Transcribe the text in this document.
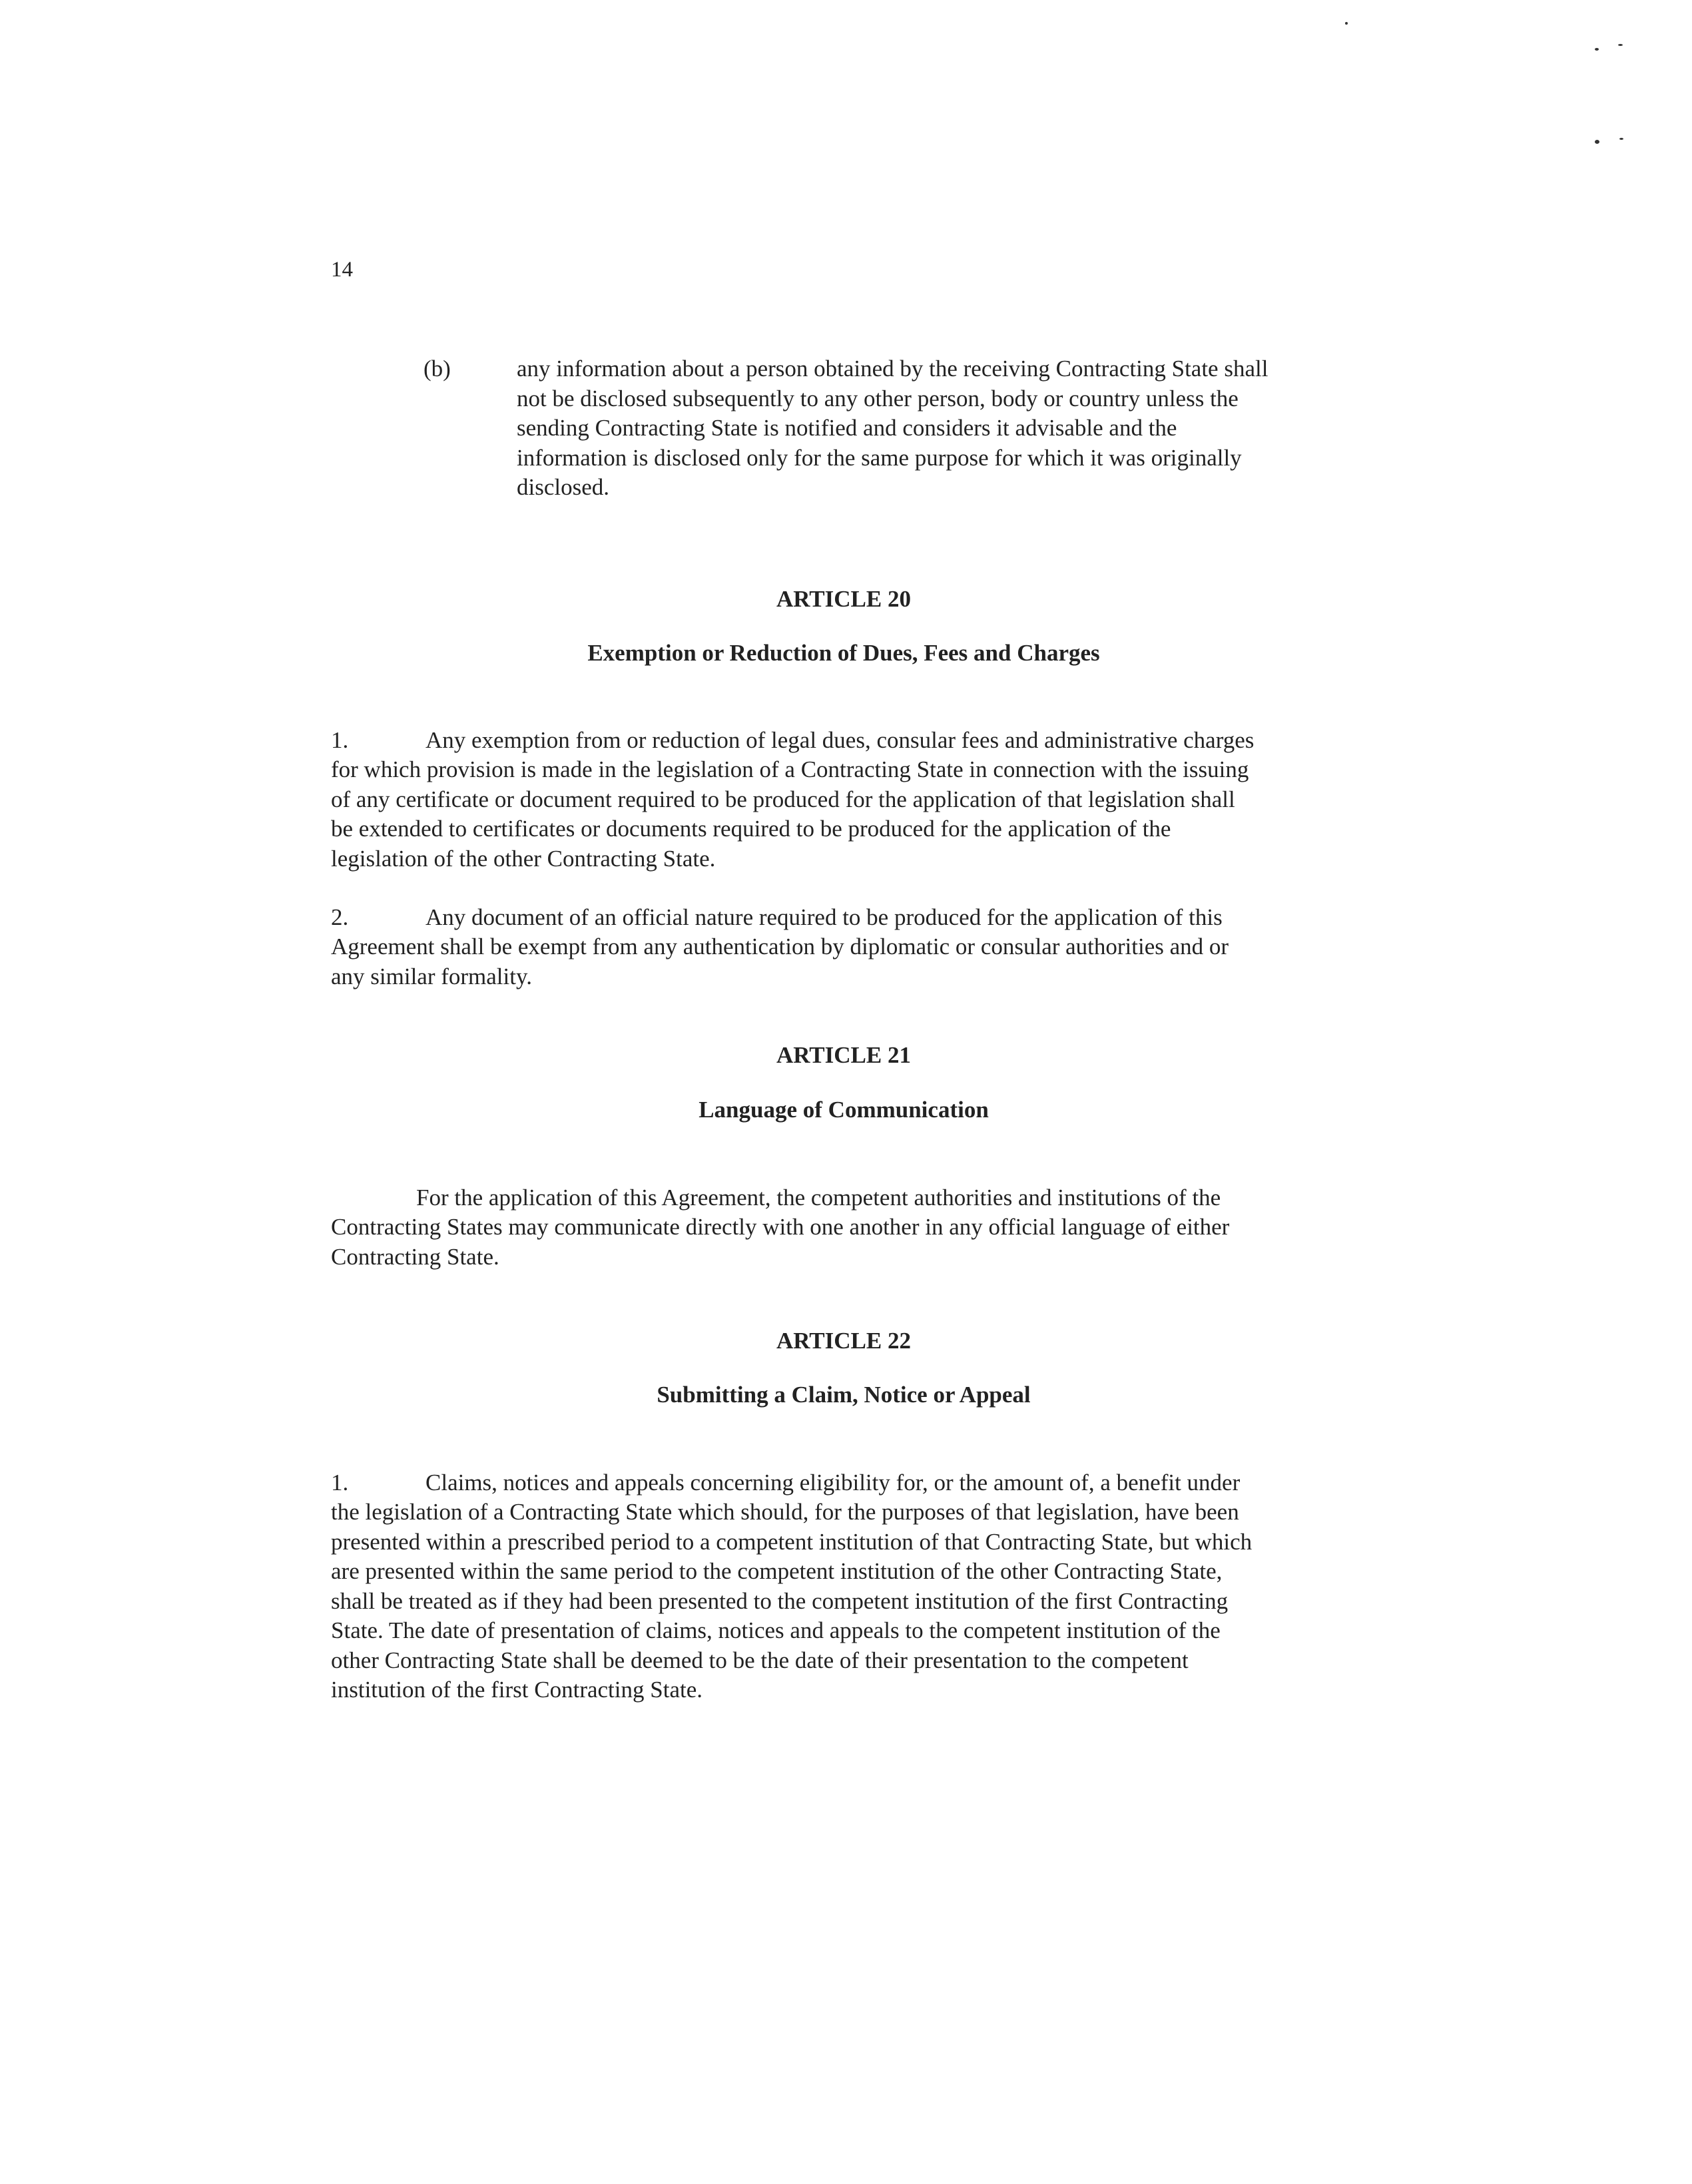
14
(b)	any information about a person obtained by the receiving Contracting State shall
not be disclosed subsequently to any other person, body or country unless the
sending Contracting State is notified and considers it advisable and the
information is disclosed only for the same purpose for which it was originally
disclosed.

ARTICLE 20
Exemption or Reduction of Dues, Fees and Charges

1.	Any exemption from or reduction of legal dues, consular fees and administrative charges
for which provision is made in the legislation of a Contracting State in connection with the issuing
of any certificate or document required to be produced for the application of that legislation shall
be extended to certificates or documents required to be produced for the application of the
legislation of the other Contracting State.

2.	Any document of an official nature required to be produced for the application of this
Agreement shall be exempt from any authentication by diplomatic or consular authorities and or
any similar formality.

ARTICLE 21
Language of Communication

For the application of this Agreement, the competent authorities and institutions of the
Contracting States may communicate directly with one another in any official language of either
Contracting State.

ARTICLE 22
Submitting a Claim, Notice or Appeal

1.	Claims, notices and appeals concerning eligibility for, or the amount of, a benefit under
the legislation of a Contracting State which should, for the purposes of that legislation, have been
presented within a prescribed period to a competent institution of that Contracting State, but which
are presented within the same period to the competent institution of the other Contracting State,
shall be treated as if they had been presented to the competent institution of the first Contracting
State. The date of presentation of claims, notices and appeals to the competent institution of the
other Contracting State shall be deemed to be the date of their presentation to the competent
institution of the first Contracting State.
